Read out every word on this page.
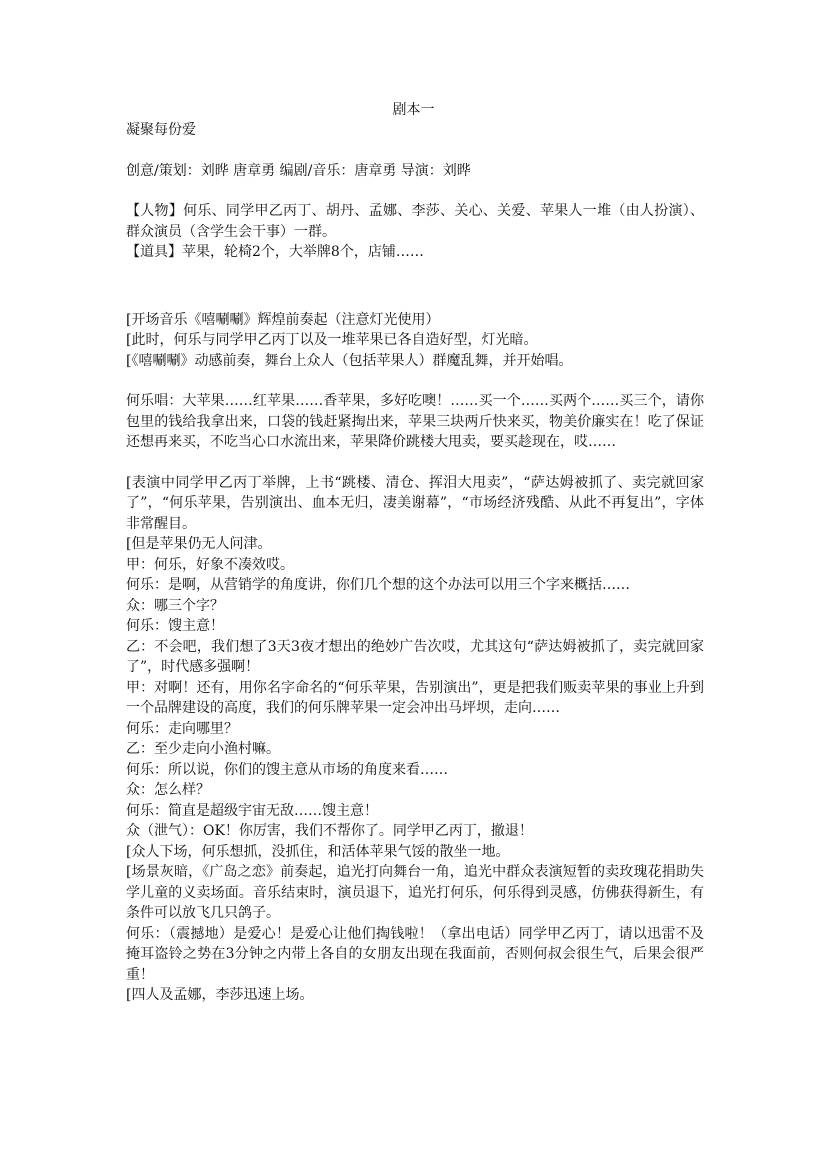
剧本一

凝聚每份爱

创意/策划：刘晔 唐章勇 编剧/音乐：唐章勇 导演：刘晔

【人物】何乐、同学甲乙丙丁、胡丹、孟娜、李莎、关心、关爱、苹果人一堆（由人扮演）、群众演员（含学生会干事）一群。

【道具】苹果，轮椅2个，大举牌8个，店铺……

[开场音乐《嘻唰唰》辉煌前奏起（注意灯光使用）

[此时，何乐与同学甲乙丙丁以及一堆苹果已各自造好型，灯光暗。

[《嘻唰唰》动感前奏，舞台上众人（包括苹果人）群魔乱舞，并开始唱。

何乐唱：大苹果……红苹果……香苹果，多好吃噢！……买一个……买两个……买三个，请你包里的钱给我拿出来，口袋的钱赶紧掏出来，苹果三块两斤快来买，物美价廉实在！吃了保证还想再来买，不吃当心口水流出来，苹果降价跳楼大甩卖，要买趁现在，哎……

[表演中同学甲乙丙丁举牌，上书“跳楼、清仓、挥泪大甩卖”，“萨达姆被抓了、卖完就回家了”，“何乐苹果，告别演出、血本无归，凄美谢幕”，“市场经济残酷、从此不再复出”，字体非常醒目。

[但是苹果仍无人问津。

甲：何乐，好象不凑效哎。

何乐：是啊，从营销学的角度讲，你们几个想的这个办法可以用三个字来概括……

众：哪三个字？

何乐：馊主意！

乙：不会吧，我们想了3天3夜才想出的绝妙广告次哎，尤其这句“萨达姆被抓了，卖完就回家了”，时代感多强啊！

甲：对啊！还有，用你名字命名的“何乐苹果，告别演出”，更是把我们贩卖苹果的事业上升到一个品牌建设的高度，我们的何乐牌苹果一定会冲出马坪坝，走向……

何乐：走向哪里？

乙：至少走向小渔村嘛。

何乐：所以说，你们的馊主意从市场的角度来看……

众：怎么样？

何乐：简直是超级宇宙无敌……馊主意！

众（泄气）：OK！你厉害，我们不帮你了。同学甲乙丙丁，撤退！

[众人下场，何乐想抓，没抓住，和活体苹果气馁的散坐一地。

[场景灰暗，《广岛之恋》前奏起，追光打向舞台一角，追光中群众表演短暂的卖玫瑰花捐助失学儿童的义卖场面。音乐结束时，演员退下，追光打何乐，何乐得到灵感，仿佛获得新生，有条件可以放飞几只鸽子。

何乐：（震撼地）是爱心！是爱心让他们掏钱啦！（拿出电话）同学甲乙丙丁，请以迅雷不及掩耳盗铃之势在3分钟之内带上各自的女朋友出现在我面前，否则何叔会很生气，后果会很严重！

[四人及孟娜，李莎迅速上场。
